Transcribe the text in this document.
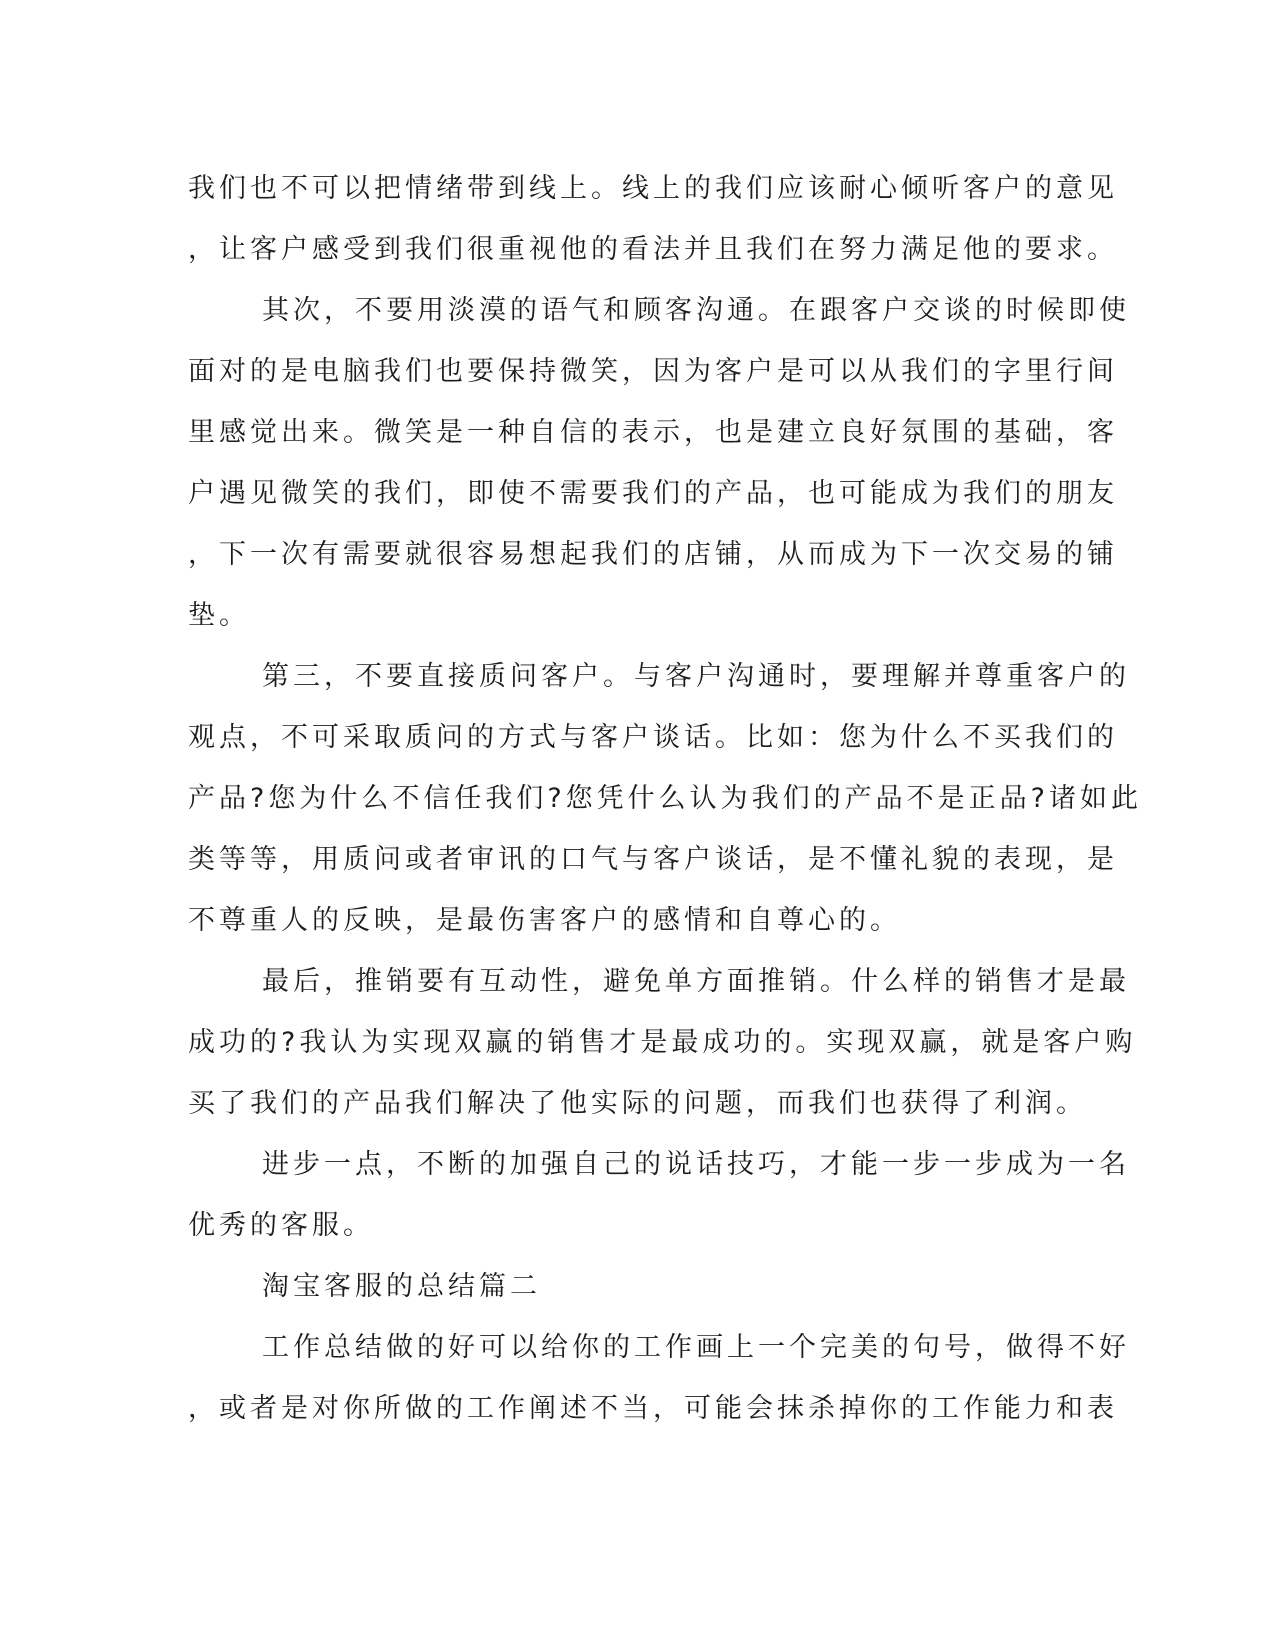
我们也不可以把情绪带到线上。线上的我们应该耐心倾听客户的意见
，让客户感受到我们很重视他的看法并且我们在努力满足他的要求。
其次，不要用淡漠的语气和顾客沟通。在跟客户交谈的时候即使
面对的是电脑我们也要保持微笑，因为客户是可以从我们的字里行间
里感觉出来。微笑是一种自信的表示，也是建立良好氛围的基础，客
户遇见微笑的我们，即使不需要我们的产品，也可能成为我们的朋友
，下一次有需要就很容易想起我们的店铺，从而成为下一次交易的铺
垫。
第三，不要直接质问客户。与客户沟通时，要理解并尊重客户的
观点，不可采取质问的方式与客户谈话。比如：您为什么不买我们的
产品?您为什么不信任我们?您凭什么认为我们的产品不是正品?诸如此
类等等，用质问或者审讯的口气与客户谈话，是不懂礼貌的表现，是
不尊重人的反映，是最伤害客户的感情和自尊心的。
最后，推销要有互动性，避免单方面推销。什么样的销售才是最
成功的?我认为实现双赢的销售才是最成功的。实现双赢，就是客户购
买了我们的产品我们解决了他实际的问题，而我们也获得了利润。
进步一点，不断的加强自己的说话技巧，才能一步一步成为一名
优秀的客服。
淘宝客服的总结篇二
工作总结做的好可以给你的工作画上一个完美的句号，做得不好
，或者是对你所做的工作阐述不当，可能会抹杀掉你的工作能力和表
